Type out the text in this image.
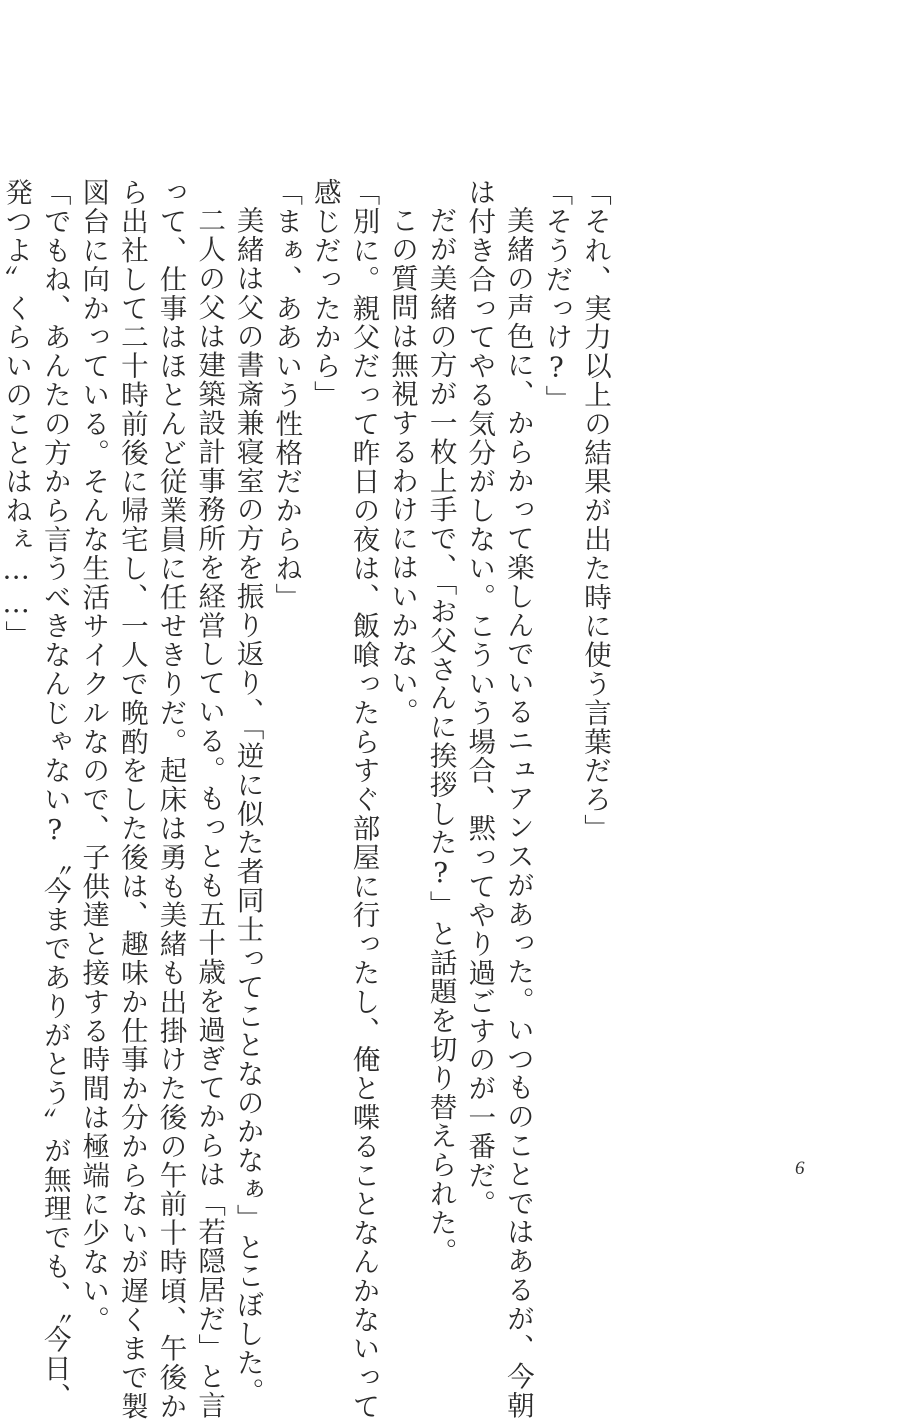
「それ、実力以上の結果が出た時に使う言葉だろ」
「そうだっけ?」
美緒の声色に、からかって楽しんでいるニュアンスがあった。いつものことではあるが、今朝
は付き合ってやる気分がしない。こういう場合、黙ってやり過ごすのが一番だ。
だが美緒の方が一枚上手で、「お父さんに挨拶した?」と話題を切り替えられた。
この質問は無視するわけにはいかない。
「別に。親父だって昨日の夜は、飯喰ったらすぐ部屋に行ったし、俺と喋ることなんかないって
感じだったから」
「まぁ、ああいう性格だからね」
美緒は父の書斎兼寝室の方を振り返り、「逆に似た者同士ってことなのかなぁ」とこぼした。
二人の父は建築設計事務所を経営している。もっとも五十歳を過ぎてからは「若隠居だ」と言
って、仕事はほとんど従業員に任せきりだ。起床は勇も美緒も出掛けた後の午前十時頃、午後か
ら出社して二十時前後に帰宅し、一人で晩酌をした後は、趣味か仕事か分からないが遅くまで製
図台に向かっている。そんな生活サイクルなので、子供達と接する時間は極端に少ない。
「でもね、あんたの方から言うべきなんじゃない?〝今までありがとう〟が無理でも、〝今日、
発つよ〟くらいのことはねぇ……」
6
